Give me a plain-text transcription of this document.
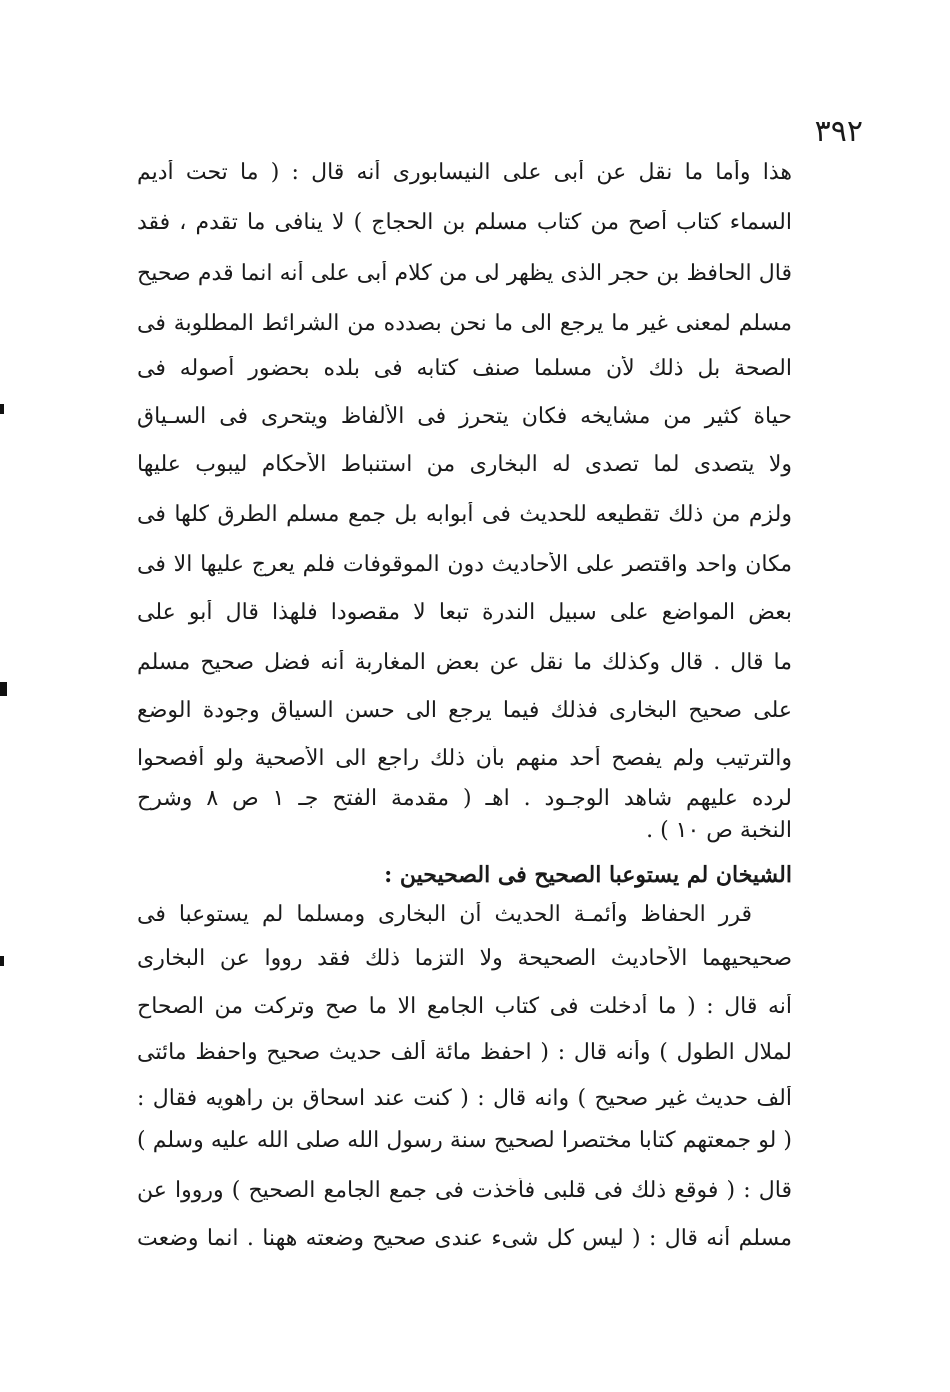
٣٩٢
هذا وأما ما نقل عن أبى على النيسابورى أنه قال : ( ما تحت أديم
السماء كتاب أصح من كتاب مسلم بن الحجاج ) لا ينافى ما تقدم ، فقد
قال الحافظ بن حجر الذى يظهر لى من كلام أبى على أنه انما قدم صحيح
مسلم لمعنى غير ما يرجع الى ما نحن بصدده من الشرائط المطلوبة فى
الصحة بل ذلك لأن مسلما صنف كتابه فى بلده بحضور أصوله فى
حياة كثير من مشايخه فكان يتحرز فى الألفاظ ويتحرى فى السـياق
ولا يتصدى لما تصدى له البخارى من استنباط الأحكام ليبوب عليها
ولزم من ذلك تقطيعه للحديث فى أبوابه بل جمع مسلم الطرق كلها فى
مكان واحد واقتصر على الأحاديث دون الموقوفات فلم يعرج عليها الا فى
بعض المواضع على سبيل الندرة تبعا لا مقصودا فلهذا قال أبو على
ما قال . قال وكذلك ما نقل عن بعض المغاربة أنه فضل صحيح مسلم
على صحيح البخارى فذلك فيما يرجع الى حسن السياق وجودة الوضع
والترتيب ولم يفصح أحد منهم بأن ذلك راجع الى الأصحية ولو أفصحوا
لرده عليهم شاهد الوجـود . اهـ ( مقدمة الفتح جـ ١ ص ٨ وشرح
النخبة ص ١٠ ) .
الشيخان لم يستوعبا الصحيح فى الصحيحين :
قرر الحفاظ وأئمـة الحديث أن البخارى ومسلما لم يستوعبا فى
صحيحيهما الأحاديث الصحيحة ولا التزما ذلك فقد رووا عن البخارى
أنه قال : ( ما أدخلت فى كتاب الجامع الا ما صح وتركت من الصحاح
لملال الطول ) وأنه قال : ( احفظ مائة ألف حديث صحيح واحفظ مائتى
ألف حديث غير صحيح ) وانه قال : ( كنت عند اسحاق بن راهويه فقال :
( لو جمعتهم كتابا مختصرا لصحيح سنة رسول الله صلى الله عليه وسلم )
قال : ( فوقع ذلك فى قلبى فأخذت فى جمع الجامع الصحيح ) ورووا عن
مسلم أنه قال : ( ليس كل شىء عندى صحيح وضعته ههنا . انما وضعت
